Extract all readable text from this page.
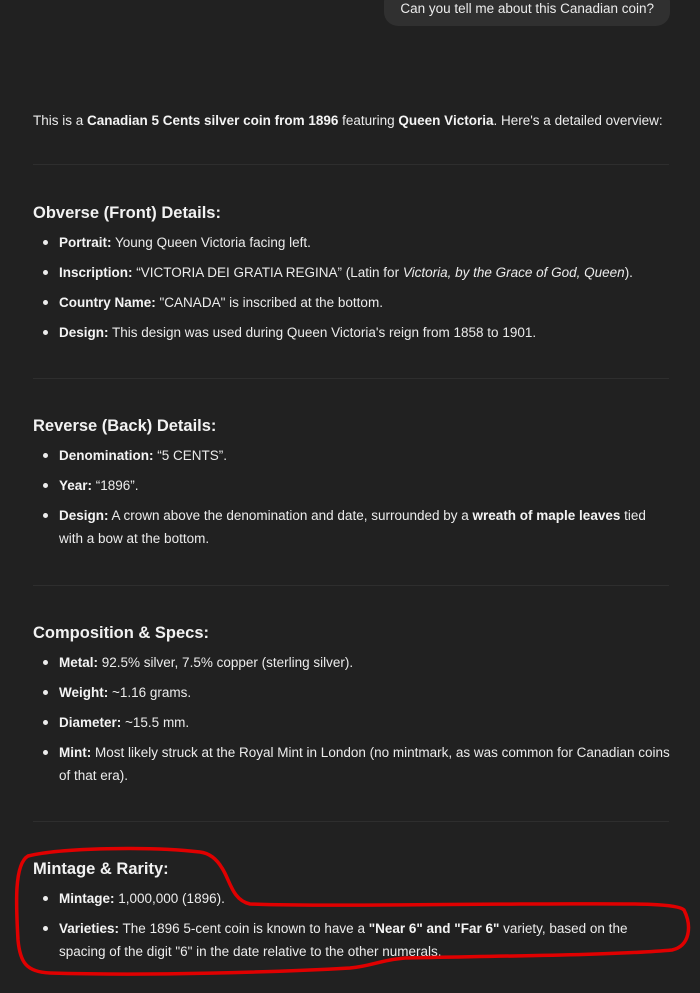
Can you tell me about this Canadian coin?

This is a Canadian 5 Cents silver coin from 1896 featuring Queen Victoria. Here's a detailed overview:

Obverse (Front) Details:
Portrait: Young Queen Victoria facing left.
Inscription: “VICTORIA DEI GRATIA REGINA” (Latin for Victoria, by the Grace of God, Queen).
Country Name: "CANADA" is inscribed at the bottom.
Design: This design was used during Queen Victoria's reign from 1858 to 1901.
Reverse (Back) Details:
Denomination: “5 CENTS”.
Year: “1896”.
Design: A crown above the denomination and date, surrounded by a wreath of maple leaves tied with a bow at the bottom.
Composition & Specs:
Metal: 92.5% silver, 7.5% copper (sterling silver).
Weight: ~1.16 grams.
Diameter: ~15.5 mm.
Mint: Most likely struck at the Royal Mint in London (no mintmark, as was common for Canadian coins of that era).
Mintage & Rarity:
Mintage: 1,000,000 (1896).
Varieties: The 1896 5-cent coin is known to have a "Near 6" and "Far 6" variety, based on the spacing of the digit "6" in the date relative to the other numerals.
